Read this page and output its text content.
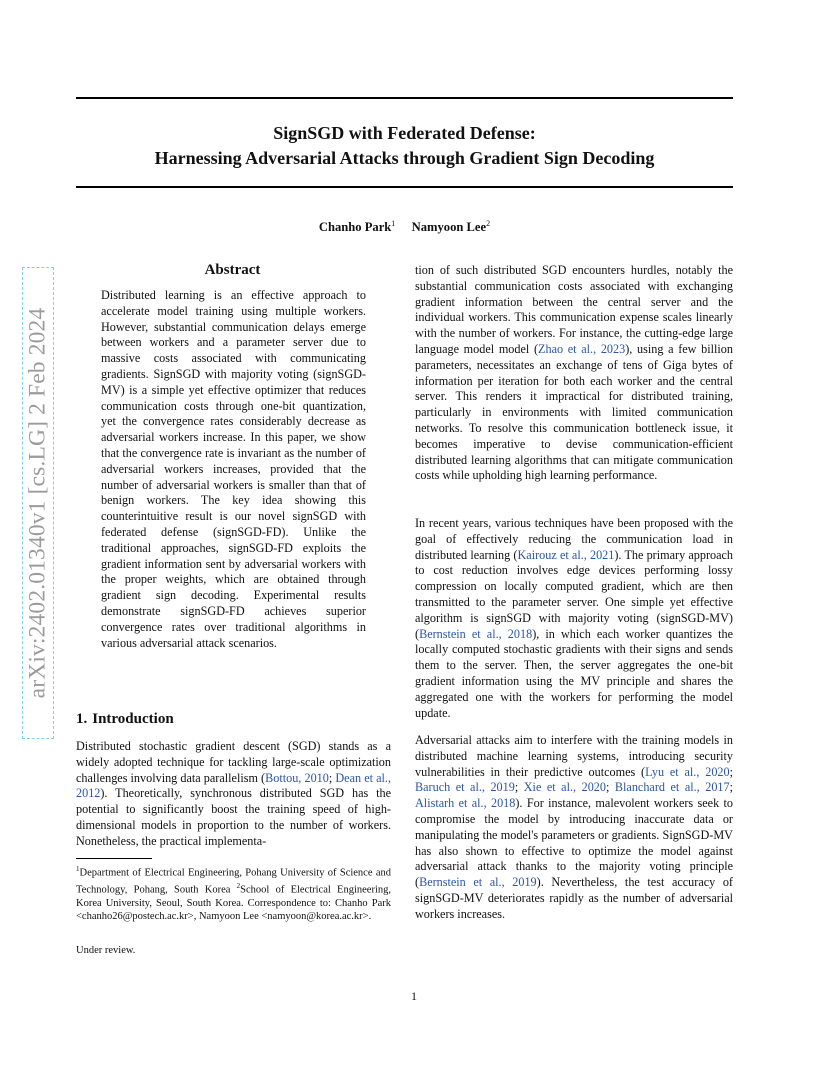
SignSGD with Federated Defense:
Harnessing Adversarial Attacks through Gradient Sign Decoding
Chanho Park$^1$ Namyoon Lee$^2$
arXiv:2402.01340v1 [cs.LG] 2 Feb 2024
Abstract
Distributed learning is an effective approach to accelerate model training using multiple workers. However, substantial communication delays emerge between workers and a parameter server due to massive costs associated with communicating gradients. SignSGD with majority voting (signSGD-MV) is a simple yet effective optimizer that reduces communication costs through one-bit quantization, yet the convergence rates considerably decrease as adversarial workers increase. In this paper, we show that the convergence rate is invariant as the number of adversarial workers increases, provided that the number of adversarial workers is smaller than that of benign workers. The key idea showing this counterintuitive result is our novel signSGD with federated defense (signSGD-FD). Unlike the traditional approaches, signSGD-FD exploits the gradient information sent by adversarial workers with the proper weights, which are obtained through gradient sign decoding. Experimental results demonstrate signSGD-FD achieves superior convergence rates over traditional algorithms in various adversarial attack scenarios.
1. Introduction
Distributed stochastic gradient descent (SGD) stands as a widely adopted technique for tackling large-scale optimization challenges involving data parallelism (Bottou, 2010; Dean et al., 2012). Theoretically, synchronous distributed SGD has the potential to significantly boost the training speed of high-dimensional models in proportion to the number of workers. Nonetheless, the practical implementa-
$^1$Department of Electrical Engineering, Pohang University of Science and Technology, Pohang, South Korea $^2$School of Electrical Engineering, Korea University, Seoul, South Korea. Correspondence to: Chanho Park <chanho26@postech.ac.kr>, Namyoon Lee <namyoon@korea.ac.kr>.
Under review.
tion of such distributed SGD encounters hurdles, notably the substantial communication costs associated with exchanging gradient information between the central server and the individual workers. This communication expense scales linearly with the number of workers. For instance, the cutting-edge large language model model (Zhao et al., 2023), using a few billion parameters, necessitates an exchange of tens of Giga bytes of information per iteration for both each worker and the central server. This renders it impractical for distributed training, particularly in environments with limited communication networks. To resolve this communication bottleneck issue, it becomes imperative to devise communication-efficient distributed learning algorithms that can mitigate communication costs while upholding high learning performance.
In recent years, various techniques have been proposed with the goal of effectively reducing the communication load in distributed learning (Kairouz et al., 2021). The primary approach to cost reduction involves edge devices performing lossy compression on locally computed gradient, which are then transmitted to the parameter server. One simple yet effective algorithm is signSGD with majority voting (signSGD-MV) (Bernstein et al., 2018), in which each worker quantizes the locally computed stochastic gradients with their signs and sends them to the server. Then, the server aggregates the one-bit gradient information using the MV principle and shares the aggregated one with the workers for performing the model update.
Adversarial attacks aim to interfere with the training models in distributed machine learning systems, introducing security vulnerabilities in their predictive outcomes (Lyu et al., 2020; Baruch et al., 2019; Xie et al., 2020; Blanchard et al., 2017; Alistarh et al., 2018). For instance, malevolent workers seek to compromise the model by introducing inaccurate data or manipulating the model's parameters or gradients. SignSGD-MV has also shown to effective to optimize the model against adversarial attack thanks to the majority voting principle (Bernstein et al., 2019). Nevertheless, the test accuracy of signSGD-MV deteriorates rapidly as the number of adversarial workers increases.
1
